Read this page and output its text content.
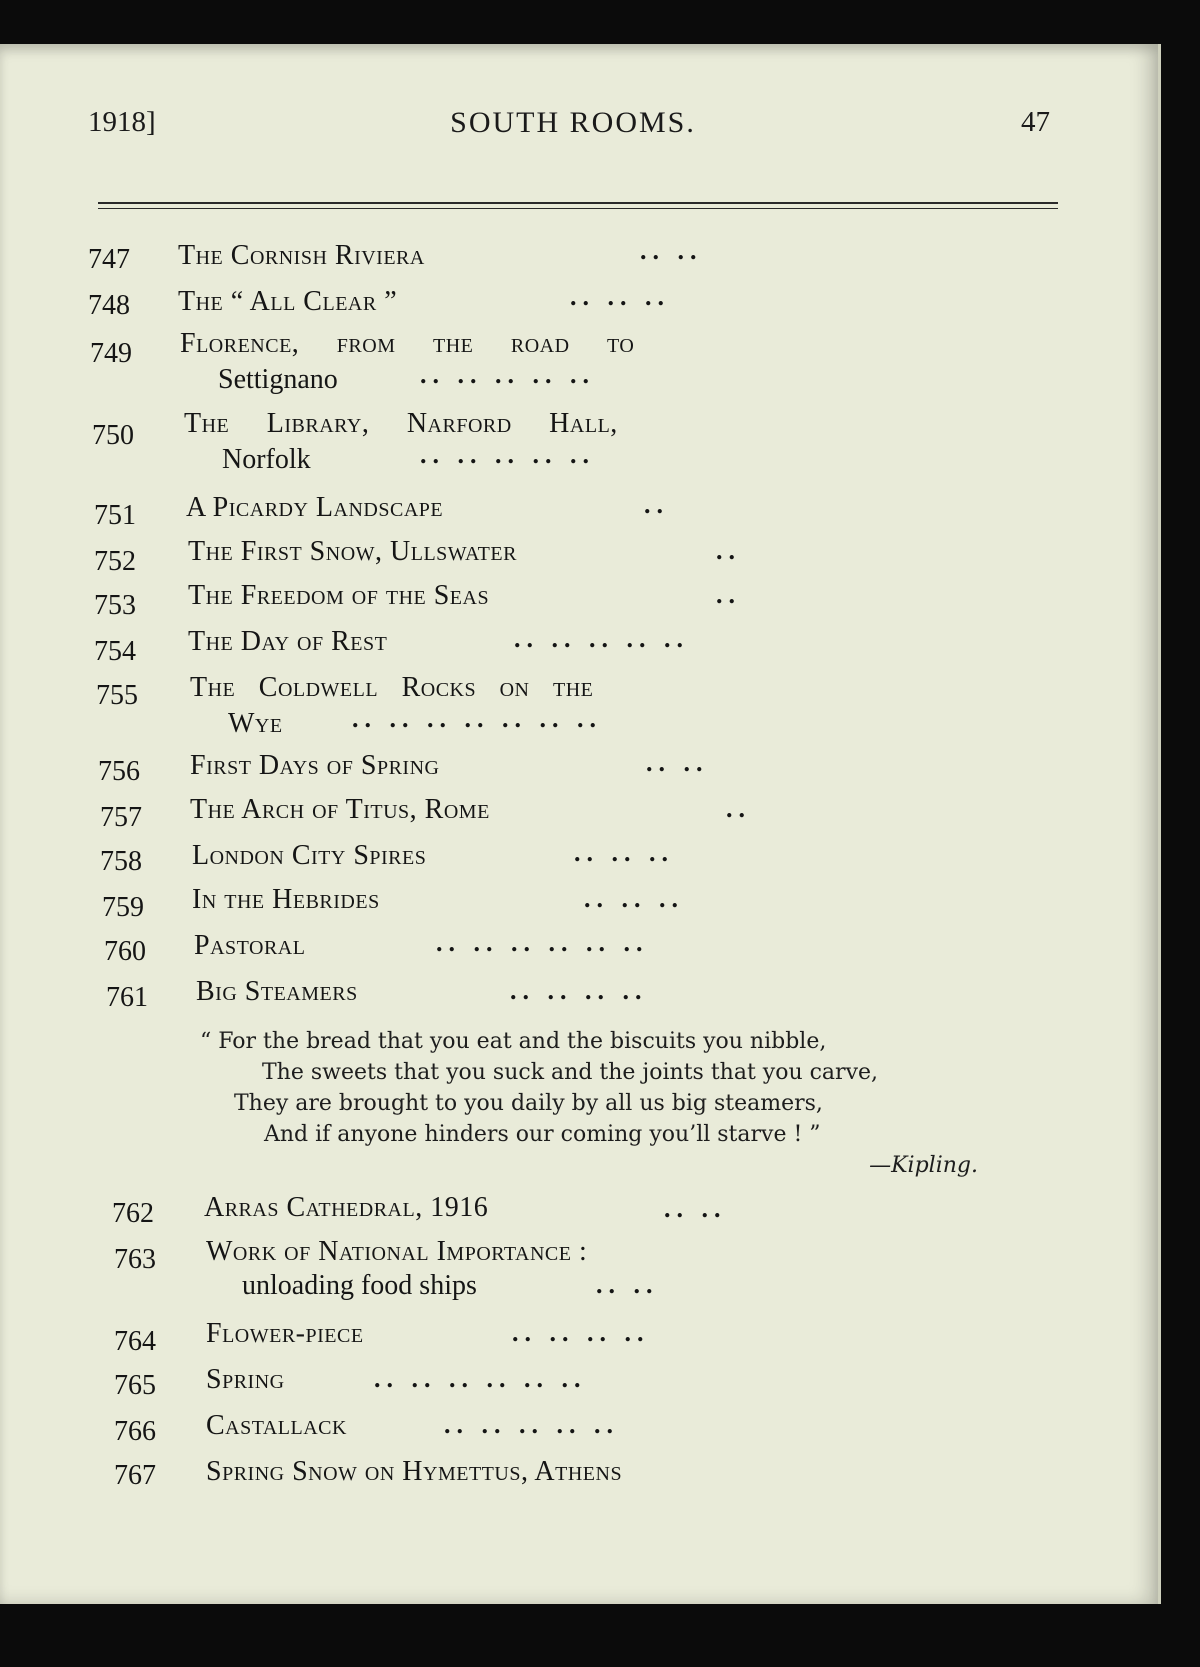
1918]	SOUTH ROOMS.	47
747 The Cornish Riviera	.. ..
748 The “ All Clear ”	.. .. ..
749 Florence, from the road to
Settignano	.. .. .. .. ..
750 The Library, Narford Hall,
Norfolk	.. .. .. .. ..
751 A Picardy Landscape	..
752 The First Snow, Ullswater	..
753 The Freedom of the Seas	..
754 The Day of Rest	.. .. .. .. ..
755 The Coldwell Rocks on the
Wye	.. .. .. .. .. .. ..
756 First Days of Spring	.. ..
757 The Arch of Titus, Rome	..
758 London City Spires	.. .. ..
759 In the Hebrides	.. .. ..
760 Pastoral	.. .. .. .. .. ..
761 Big Steamers	.. .. .. ..
“ For the bread that you eat and the biscuits you nibble,
The sweets that you suck and the joints that you carve,
They are brought to you daily by all us big steamers,
And if anyone hinders our coming you’ll starve ! ”
—Kipling.
762 Arras Cathedral, 1916	.. ..
763 Work of National Importance :
unloading food ships	.. ..
764 Flower-piece	.. .. .. ..
765 Spring	.. .. .. .. .. ..
766 Castallack	.. .. .. .. ..
767 Spring Snow on Hymettus, Athens
